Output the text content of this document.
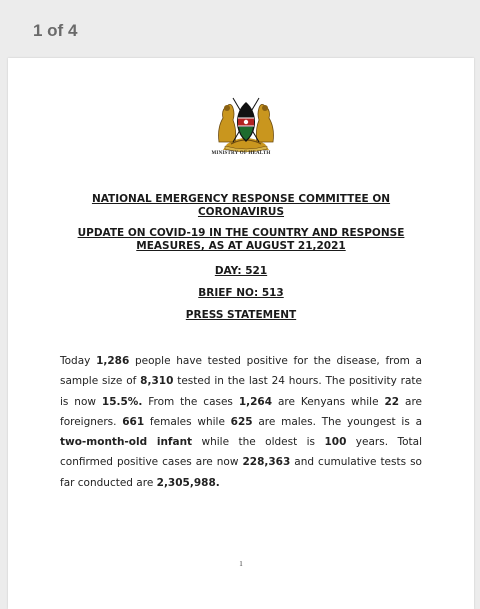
1 of 4
MINISTRY OF HEALTH
NATIONAL EMERGENCY RESPONSE COMMITTEE ON
CORONAVIRUS
UPDATE ON COVID-19 IN THE COUNTRY AND RESPONSE
MEASURES, AS AT AUGUST 21,2021
DAY: 521
BRIEF NO: 513
PRESS STATEMENT
Today 1,286 people have tested positive for the disease, from a sample size of 8,310 tested in the last 24 hours. The positivity rate is now 15.5%. From the cases 1,264 are Kenyans while 22 are foreigners. 661 females while 625 are males. The youngest is a two-month-old infant while the oldest is 100 years. Total confirmed positive cases are now 228,363 and cumulative tests so far conducted are 2,305,988.
1
